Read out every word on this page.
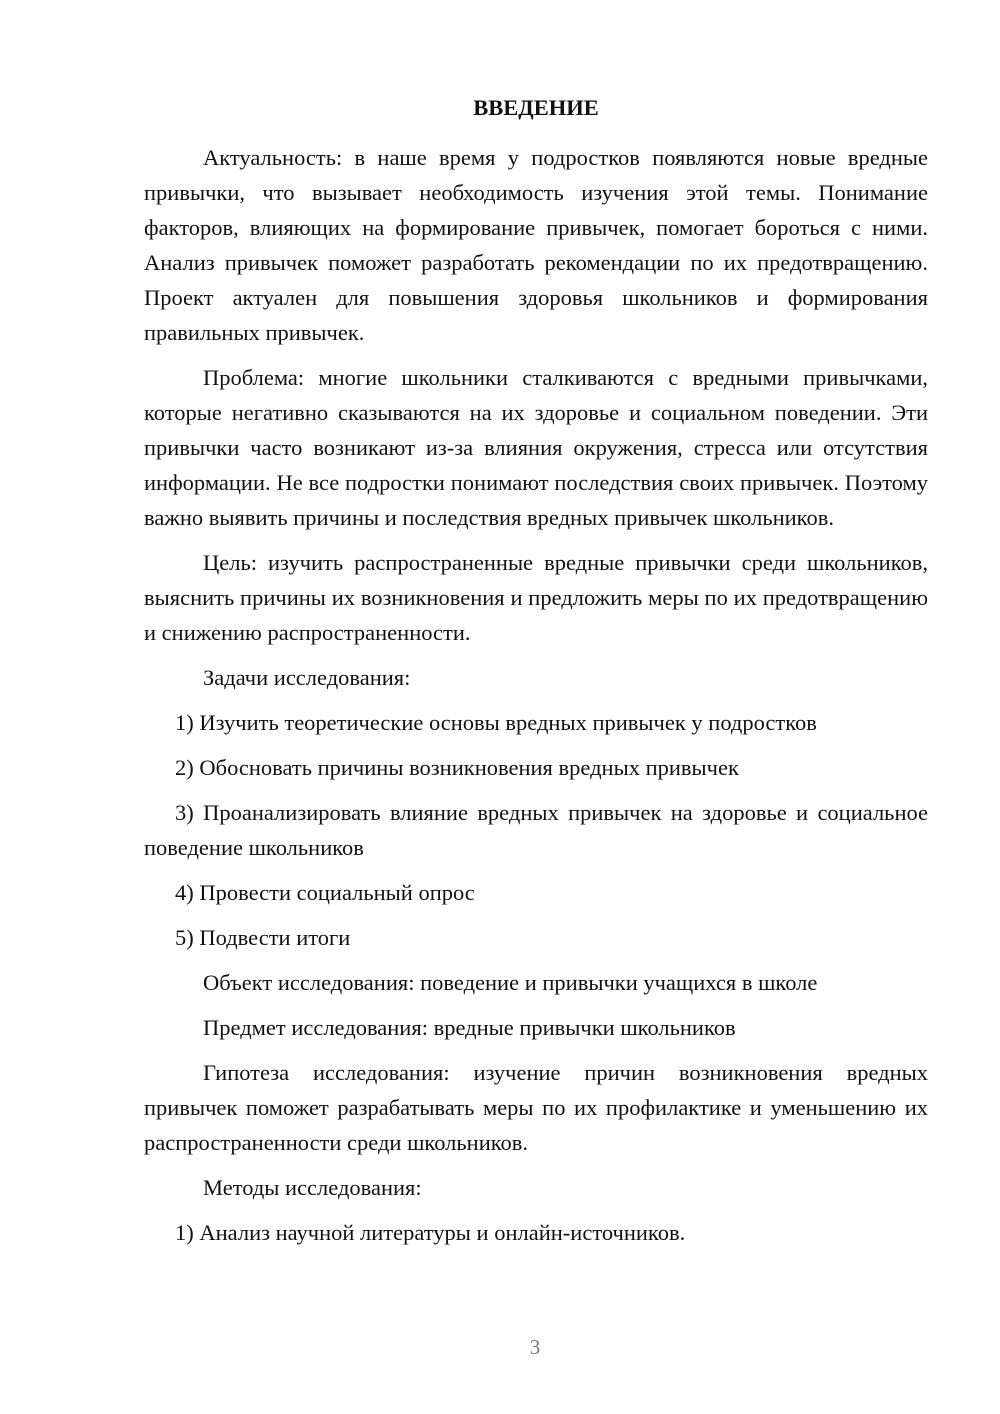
ВВЕДЕНИЕ

Актуальность: в наше время у подростков появляются новые вредные привычки, что вызывает необходимость изучения этой темы. Понимание факторов, влияющих на формирование привычек, помогает бороться с ними. Анализ привычек поможет разработать рекомендации по их предотвращению. Проект актуален для повышения здоровья школьников и формирования правильных привычек.

Проблема: многие школьники сталкиваются с вредными привычками, которые негативно сказываются на их здоровье и социальном поведении. Эти привычки часто возникают из-за влияния окружения, стресса или отсутствия информации. Не все подростки понимают последствия своих привычек. Поэтому важно выявить причины и последствия вредных привычек школьников.

Цель: изучить распространенные вредные привычки среди школьников, выяснить причины их возникновения и предложить меры по их предотвращению и снижению распространенности.

Задачи исследования:

1) Изучить теоретические основы вредных привычек у подростков

2) Обосновать причины возникновения вредных привычек

3) Проанализировать влияние вредных привычек на здоровье и социальное поведение школьников

4) Провести социальный опрос

5) Подвести итоги

Объект исследования: поведение и привычки учащихся в школе

Предмет исследования: вредные привычки школьников

Гипотеза исследования: изучение причин возникновения вредных привычек поможет разрабатывать меры по их профилактике и уменьшению их распространенности среди школьников.

Методы исследования:

1) Анализ научной литературы и онлайн-источников.

3
